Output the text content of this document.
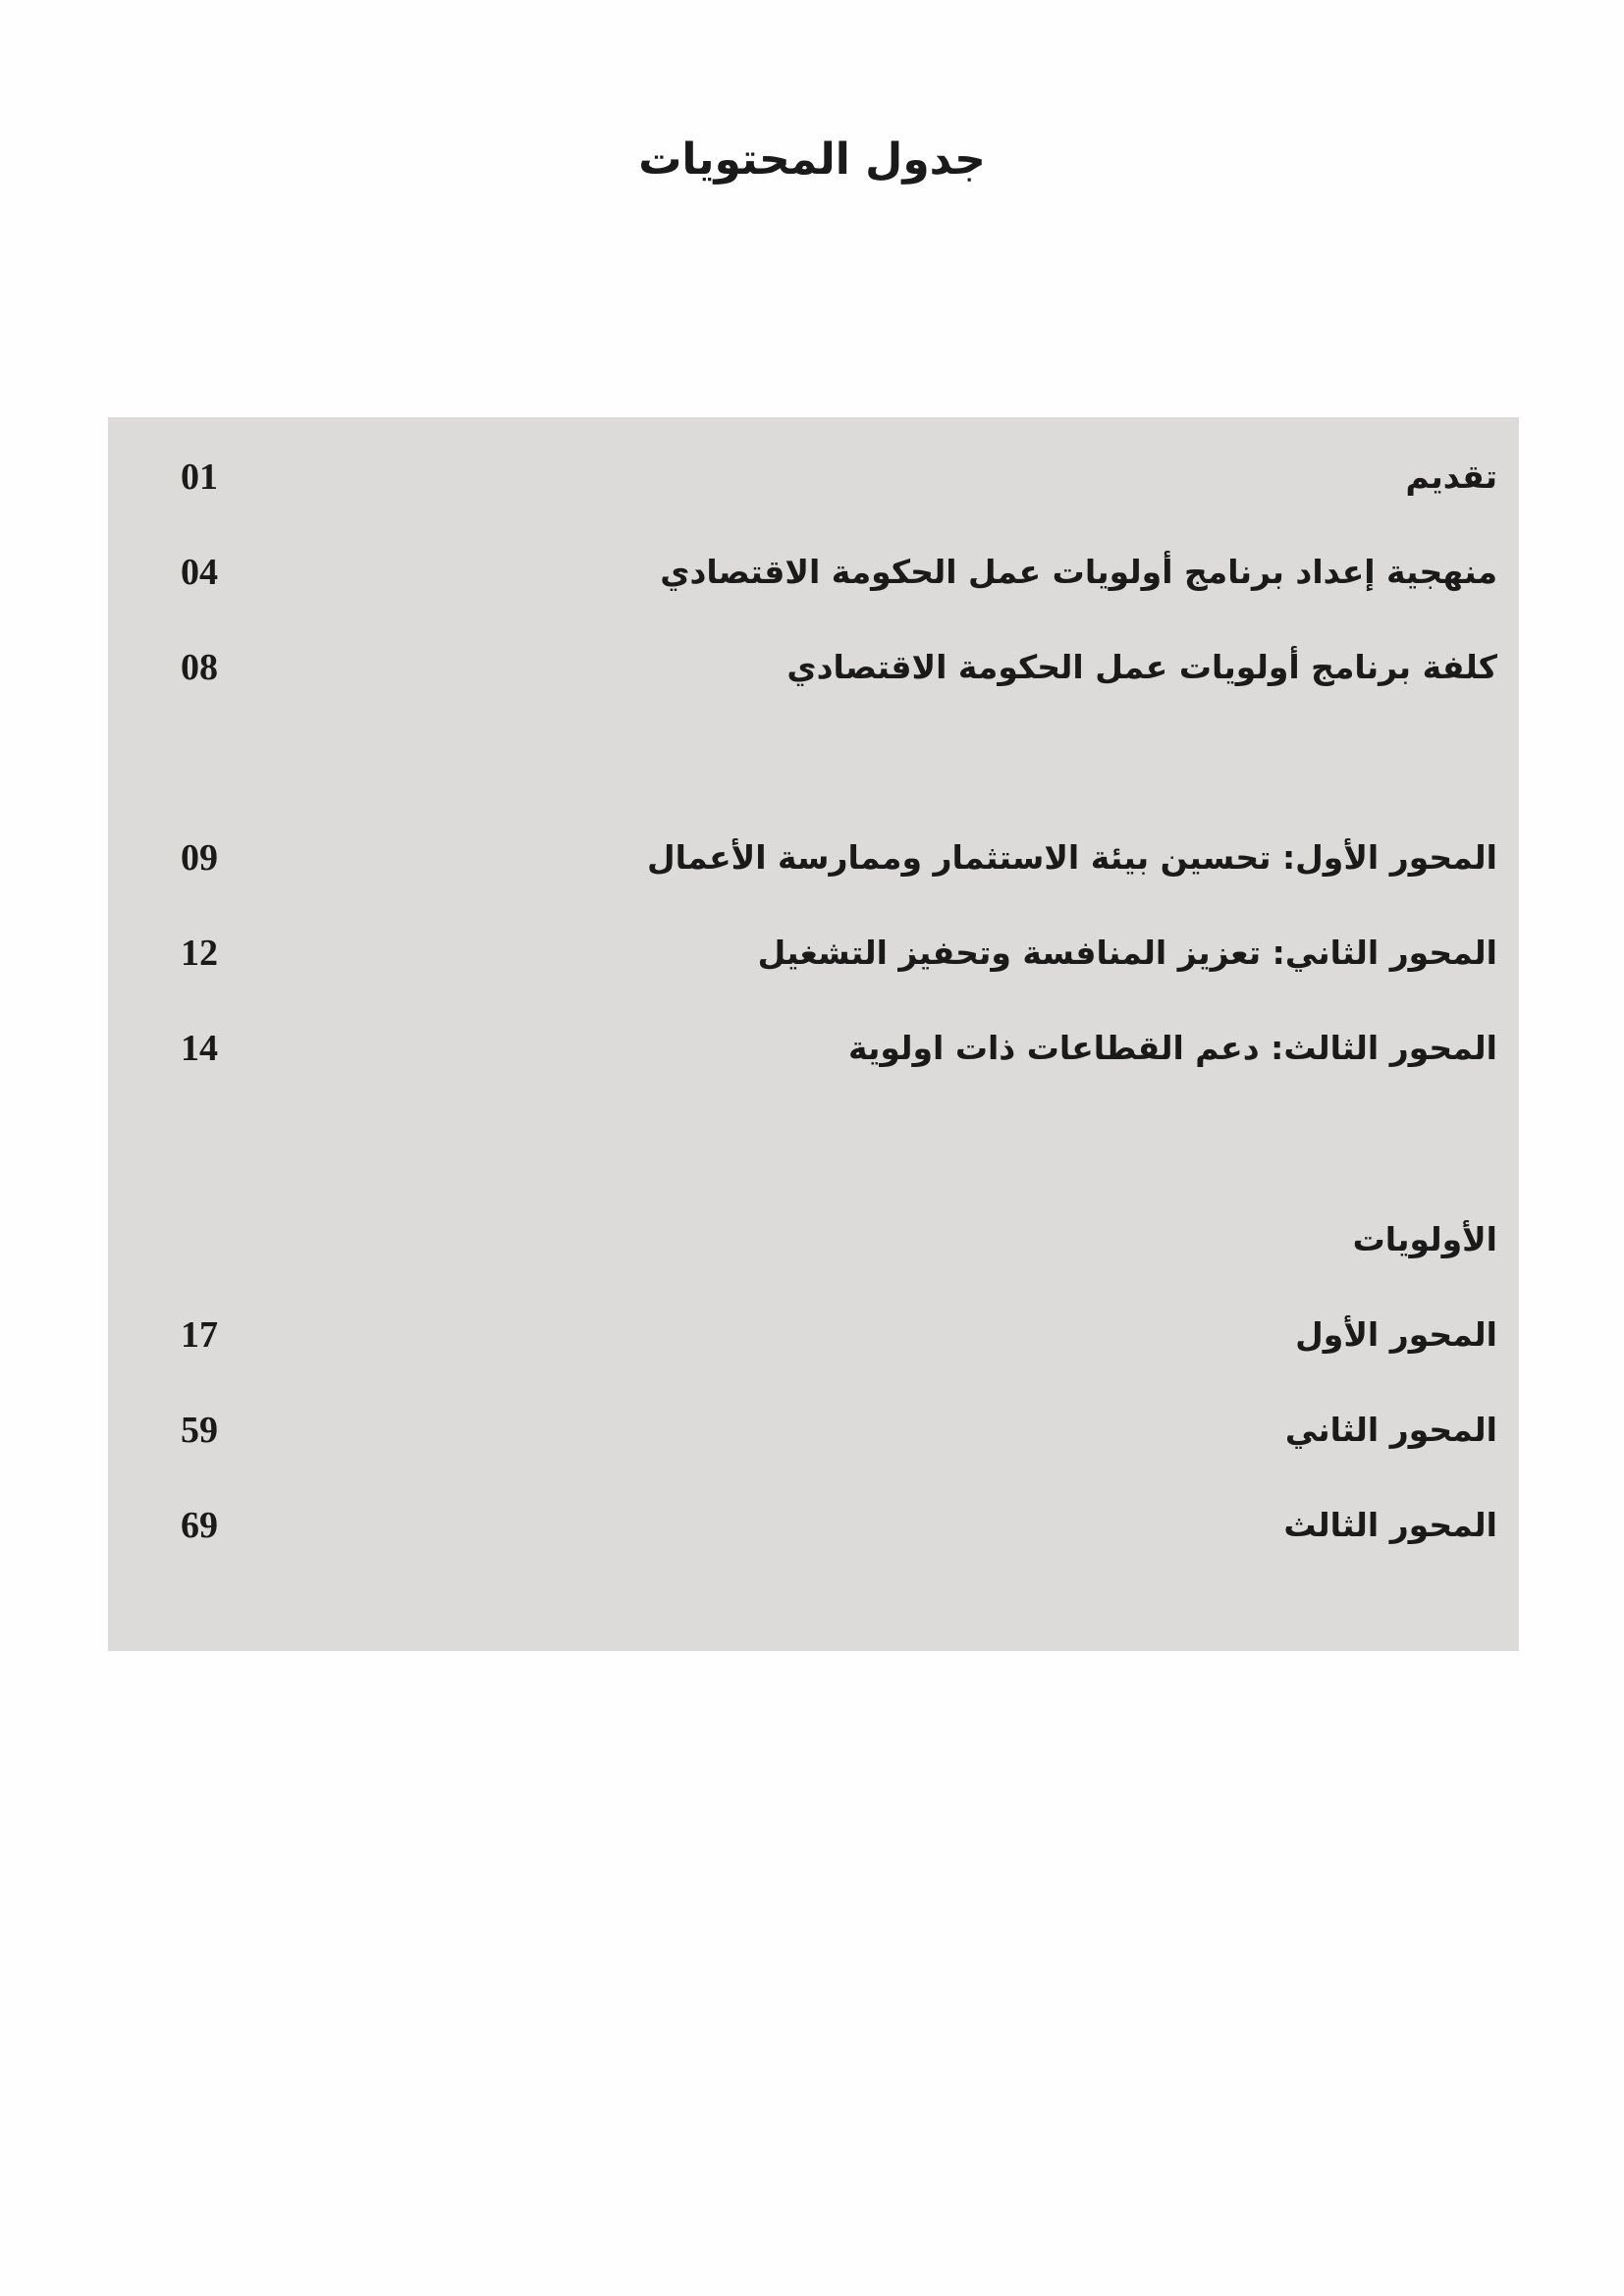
جدول المحتويات
تقديم
01
منهجية إعداد برنامج أولويات عمل الحكومة الاقتصادي
04
كلفة برنامج أولويات عمل الحكومة الاقتصادي
08
المحور الأول: تحسين بيئة الاستثمار وممارسة الأعمال
09
المحور الثاني: تعزيز المنافسة وتحفيز التشغيل
12
المحور الثالث: دعم القطاعات ذات اولوية
14
الأولويات
المحور الأول
17
المحور الثاني
59
المحور الثالث
69
